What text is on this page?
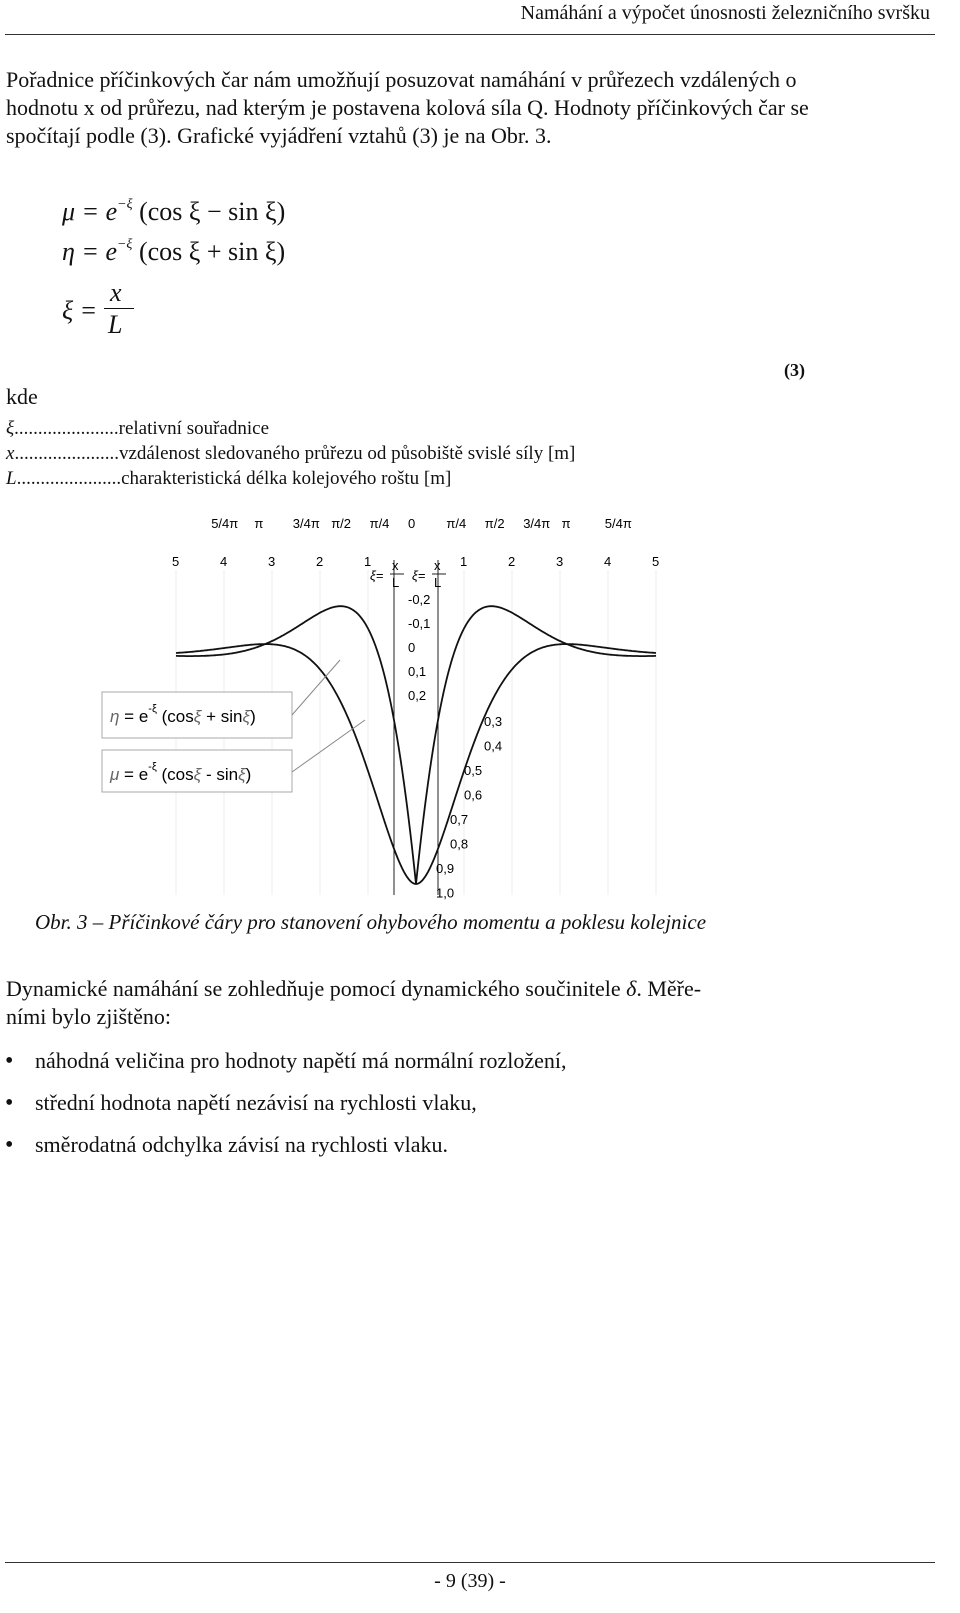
Namáhání a výpočet únosnosti železničního svršku
Pořadnice příčinkových čar nám umožňují posuzovat namáhání v průřezech vzdálených o hodnotu x od průřezu, nad kterým je postavena kolová síla Q. Hodnoty příčinkových čar se spočítají podle (3). Grafické vyjádření vztahů (3) je na Obr. 3.
$\mu = e^{-\xi}$ (cos ξ − sin ξ)
$\eta = e^{-\xi}$ (cos ξ + sin ξ)
ξ =
x
L
(3)
kde
ξ......................relativní souřadnice
x......................vzdálenost sledovaného průřezu od působiště svislé síly [m]
L......................charakteristická délka kolejového roštu [m]
5/4π π 3/4π π/2 π/4 0 π/4 π/2 3/4π π	5/4π
5	4	3	2	1	1	2	3	4	5
ξ=
x
L ξ=
x
L
-0,2
-0,1
0
0,1
0,2
0,3
0,4
0,5
0,6
0,7
0,8
0,9
1,0
$\eta = e^{-\xi}$ (cosξ + sinξ)
$\mu = e^{-\xi}$ (cosξ - sinξ)
Obr. 3 – Příčinkové čáry pro stanovení ohybového momentu a poklesu kolejnice
Dynamické namáhání se zohledňuje pomocí dynamického součinitele δ. Měře-
ními bylo zjištěno:
• náhodná veličina pro hodnoty napětí má normální rozložení,
• střední hodnota napětí nezávisí na rychlosti vlaku,
• směrodatná odchylka závisí na rychlosti vlaku.
- 9 (39) -
